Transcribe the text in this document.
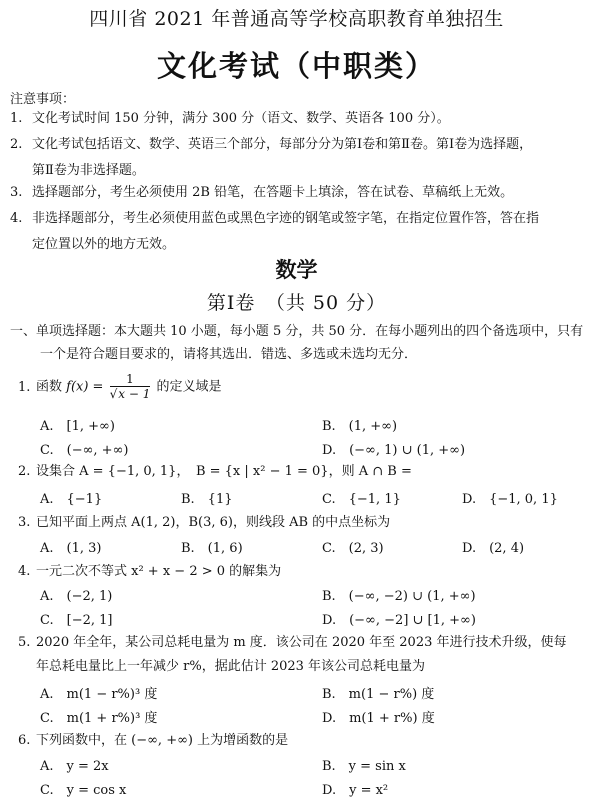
四川省 2021 年普通高等学校高职教育单独招生
文化考试（中职类）
注意事项：
1. 文化考试时间 150 分钟，满分 300 分（语文、数学、英语各 100 分）。
2. 文化考试包括语文、数学、英语三个部分，每部分分为第Ⅰ卷和第Ⅱ卷。第Ⅰ卷为选择题，
第Ⅱ卷为非选择题。
3. 选择题部分，考生必须使用 2B 铅笔，在答题卡上填涂，答在试卷、草稿纸上无效。
4. 非选择题部分，考生必须使用蓝色或黑色字迹的钢笔或签字笔，在指定位置作答，答在指
定位置以外的地方无效。
数学
第Ⅰ卷　（共 50 分）
一、单项选择题：本大题共 10 小题，每小题 5 分，共 50 分．在每小题列出的四个备选项中，只有
一个是符合题目要求的，请将其选出．错选、多选或未选均无分．
1. 函数 $f(x) = \frac{1}{√x - 1}$ 的定义域是
A.　[1, +∞)	B.　(1, +∞)
C.　(−∞, +∞)	D.　(−∞, 1) ∪ (1, +∞)
2. 设集合 A = {−1, 0, 1}，　B = {x | x² − 1 = 0}，则 A ∩ B =
A.　{−1}	B.　{1}	C.　{−1, 1}	D.　{−1, 0, 1}
3. 已知平面上两点 A(1, 2)，B(3, 6)，则线段 AB 的中点坐标为
A.　(1, 3)	B.　(1, 6)	C.　(2, 3)	D.　(2, 4)
4. 一元二次不等式 x² + x − 2 > 0 的解集为
A.　(−2, 1)	B.　(−∞, −2) ∪ (1, +∞)
C.　[−2, 1]	D.　(−∞, −2] ∪ [1, +∞)
5. 2020 年全年，某公司总耗电量为 m 度．该公司在 2020 年至 2023 年进行技术升级，使每
年总耗电量比上一年减少 r%，据此估计 2023 年该公司总耗电量为
A.　m(1 − r%)³ 度	B.　m(1 − r%) 度
C.　m(1 + r%)³ 度	D.　m(1 + r%) 度
6. 下列函数中，在 (−∞, +∞) 上为增函数的是
A.　y = 2x	B.　y = sin x
C.　y = cos x	D.　y = x²
